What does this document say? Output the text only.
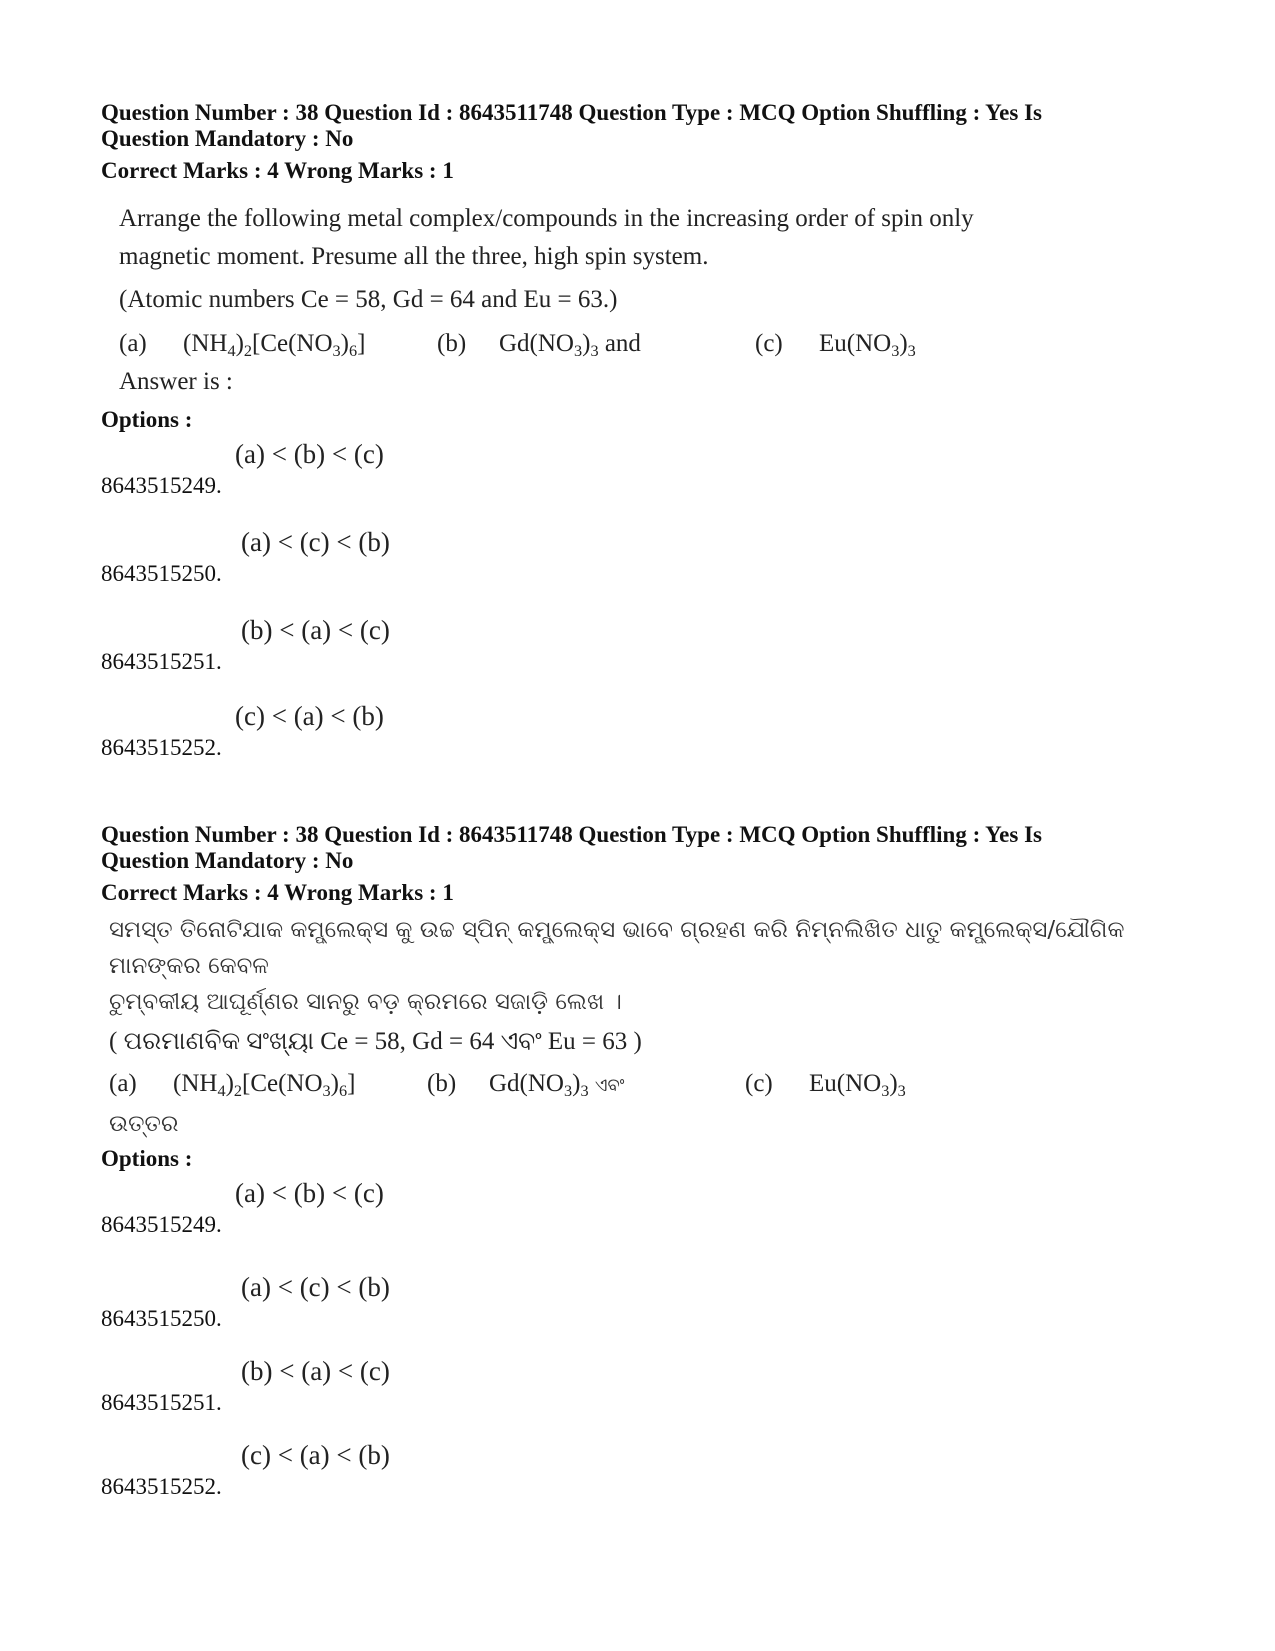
Question Number : 38 Question Id : 8643511748 Question Type : MCQ Option Shuffling : Yes Is

Question Mandatory : No

Correct Marks : 4 Wrong Marks : 1

Arrange the following metal complex/compounds in the increasing order of spin only

magnetic moment. Presume all the three, high spin system.

(Atomic numbers Ce = 58, Gd = 64 and Eu = 63.)

(a) $(NH_4)_2[Ce(NO_3)_6]$	(b) $Gd(NO_3)_3$ and	(c) $Eu(NO_3)_3$

Answer is :

Options :

8643515249.
(a) < (b) < (c)
8643515250.
(a) < (c) < (b)
8643515251.
(b) < (a) < (c)
8643515252.
(c) < (a) < (b)

Question Number : 38 Question Id : 8643511748 Question Type : MCQ Option Shuffling : Yes Is

Question Mandatory : No

Correct Marks : 4 Wrong Marks : 1

ସମସ୍ତ ତିନୋଟିଯାକ କମ୍ପ୍ଲେକ୍ସ କୁ ଉଚ୍ଚ ସ୍ପିନ୍ କମ୍ପ୍ଲେକ୍ସ ଭାବେ ଗ୍ରହଣ କରି ନିମ୍ନଲିଖିତ ଧାତୁ କମ୍ପ୍ଲେକ୍ସ/ଯୌଗିକ ମାନଙ୍କର କେବଳ

ଚୁମ୍ବକୀୟ ଆଘୂର୍ଣ୍ଣର ସାନରୁ ବଡ଼ କ୍ରମରେ ସଜାଡ଼ି ଲେଖ ।

( ପରମାଣବିକ ସଂଖ୍ୟା Ce = 58, Gd = 64 ଏବଂ Eu = 63 )

(a) $(NH_4)_2[Ce(NO_3)_6]$	(b) $Gd(NO_3)_3$ ଏବଂ	(c) $Eu(NO_3)_3$

ଉତ୍ତର

Options :

8643515249.
(a) < (b) < (c)
8643515250.
(a) < (c) < (b)
8643515251.
(b) < (a) < (c)
8643515252.
(c) < (a) < (b)
